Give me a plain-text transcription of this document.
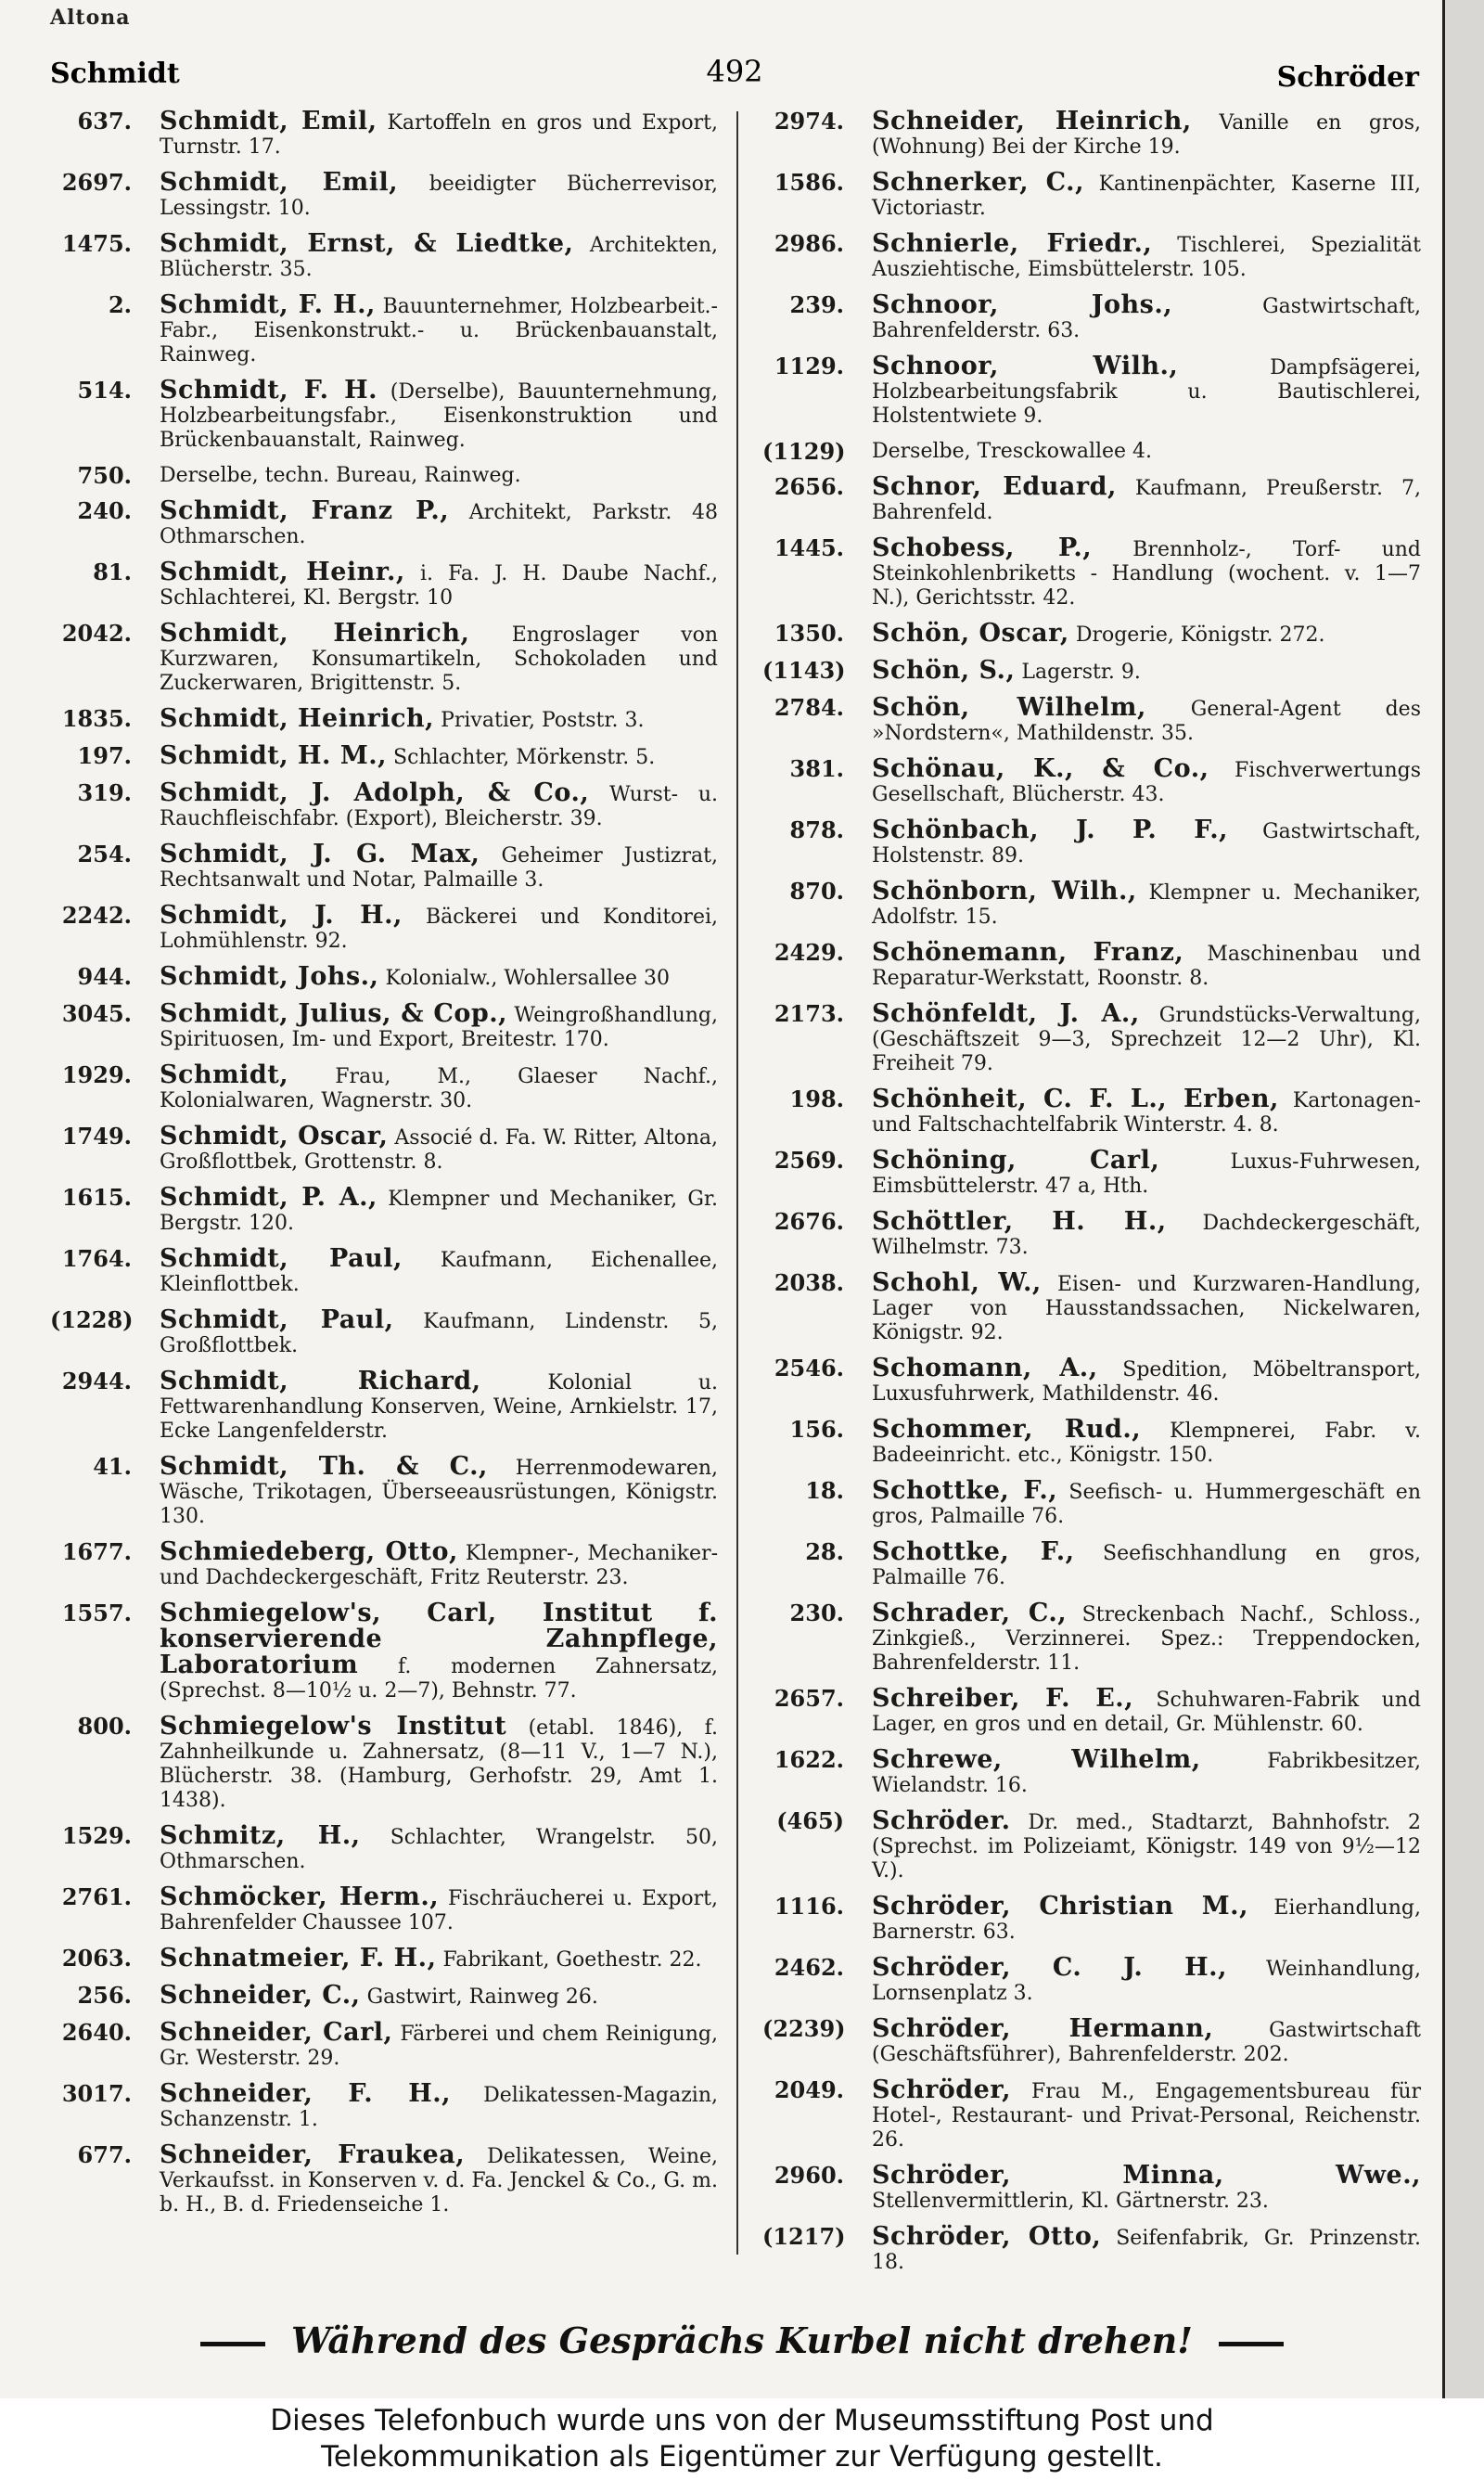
Altona
Schmidt	492	Schröder
637. Schmidt, Emil, Kartoffeln en gros und Export, Turnstr. 17.
2697. Schmidt, Emil, beeidigter Bücherrevisor, Lessingstr. 10.
1475. Schmidt, Ernst, & Liedtke, Architekten, Blücherstr. 35.
2. Schmidt, F. H., Bauunternehmer, Holzbearbeit.-Fabr., Eisenkonstrukt.- u. Brückenbauanstalt, Rainweg.
514. Schmidt, F. H. (Derselbe), Bauunternehmung, Holzbearbeitungsfabr., Eisenkonstruktion und Brückenbauanstalt, Rainweg.
750. Derselbe, techn. Bureau, Rainweg.
240. Schmidt, Franz P., Architekt, Parkstr. 48 Othmarschen.
81. Schmidt, Heinr., i. Fa. J. H. Daube Nachf., Schlachterei, Kl. Bergstr. 10
2042. Schmidt, Heinrich, Engroslager von Kurzwaren, Konsumartikeln, Schokoladen und Zuckerwaren, Brigittenstr. 5.
1835. Schmidt, Heinrich, Privatier, Poststr. 3.
197. Schmidt, H. M., Schlachter, Mörkenstr. 5.
319. Schmidt, J. Adolph, & Co., Wurst- u. Rauchfleischfabr. (Export), Bleicherstr. 39.
254. Schmidt, J. G. Max, Geheimer Justizrat, Rechtsanwalt und Notar, Palmaille 3.
2242. Schmidt, J. H., Bäckerei und Konditorei, Lohmühlenstr. 92.
944. Schmidt, Johs., Kolonialw., Wohlersallee 30
3045. Schmidt, Julius, & Cop., Weingroßhandlung, Spirituosen, Im- und Export, Breitestr. 170.
1929. Schmidt, Frau, M., Glaeser Nachf., Kolonialwaren, Wagnerstr. 30.
1749. Schmidt, Oscar, Associé d. Fa. W. Ritter, Altona, Großflottbek, Grottenstr. 8.
1615. Schmidt, P. A., Klempner und Mechaniker, Gr. Bergstr. 120.
1764. Schmidt, Paul, Kaufmann, Eichenallee, Kleinflottbek.
(1228) Schmidt, Paul, Kaufmann, Lindenstr. 5, Großflottbek.
2944. Schmidt, Richard,	Kolonial u. Fettwarenhandlung Konserven, Weine, Arnkielstr. 17, Ecke Langenfelderstr.
41. Schmidt, Th. & C., Herrenmodewaren, Wäsche, Trikotagen, Überseeausrüstungen, Königstr. 130.
1677. Schmiedeberg, Otto, Klempner-, Mechaniker- und Dachdeckergeschäft, Fritz Reuterstr. 23.
1557. Schmiegelow's, Carl, Institut f. konservierende Zahnpflege, Laboratorium f. modernen Zahnersatz, (Sprechst. 8—10½ u. 2—7), Behnstr. 77.
800. Schmiegelow's Institut (etabl. 1846), f. Zahnheilkunde u. Zahnersatz, (8—11 V., 1—7 N.), Blücherstr. 38. (Hamburg, Gerhofstr. 29, Amt 1. 1438).
1529. Schmitz, H., Schlachter, Wrangelstr. 50, Othmarschen.
2761. Schmöcker, Herm., Fischräucherei u. Export, Bahrenfelder Chaussee 107.
2063. Schnatmeier, F. H., Fabrikant, Goethestr. 22.
256. Schneider, C., Gastwirt, Rainweg 26.
2640. Schneider, Carl, Färberei und chem Reinigung, Gr. Westerstr. 29.
3017. Schneider, F. H., Delikatessen-Magazin, Schanzenstr. 1.
677. Schneider, Fraukea, Delikatessen, Weine, Verkaufsst. in Konserven v. d. Fa. Jenckel & Co., G. m. b. H., B. d. Friedenseiche 1.
2974. Schneider, Heinrich, Vanille en gros, (Wohnung) Bei der Kirche 19.
1586. Schnerker, C., Kantinenpächter, Kaserne III, Victoriastr.
2986. Schnierle, Friedr., Tischlerei, Spezialität Ausziehtische, Eimsbüttelerstr. 105.
239. Schnoor, Johs.,	Gastwirtschaft, Bahrenfelderstr. 63.
1129. Schnoor, Wilh.,	Dampfsägerei, Holzbearbeitungsfabrik u. Bautischlerei, Holstentwiete 9.
(1129) Derselbe, Tresckowallee 4.
2656. Schnor, Eduard, Kaufmann, Preußerstr. 7, Bahrenfeld.
1445. Schobess, P., Brennholz-, Torf- und Steinkohlenbriketts - Handlung (wochent. v. 1—7 N.), Gerichtsstr. 42.
1350. Schön, Oscar, Drogerie, Königstr. 272.
(1143) Schön, S., Lagerstr. 9.
2784. Schön, Wilhelm, General-Agent des »Nordstern«, Mathildenstr. 35.
381. Schönau, K., & Co., Fischverwertungs Gesellschaft, Blücherstr. 43.
878. Schönbach, J. P. F., Gastwirtschaft, Holstenstr. 89.
870. Schönborn, Wilh., Klempner u. Mechaniker, Adolfstr. 15.
2429. Schönemann, Franz, Maschinenbau und Reparatur-Werkstatt, Roonstr. 8.
2173. Schönfeldt, J. A., Grundstücks-Verwaltung, (Geschäftszeit 9—3, Sprechzeit 12—2 Uhr), Kl. Freiheit 79.
198. Schönheit, C. F. L., Erben, Kartonagen- und Faltschachtelfabrik Winterstr. 4. 8.
2569. Schöning, Carl,	Luxus-Fuhrwesen, Eimsbüttelerstr. 47 a, Hth.
2676. Schöttler, H. H., Dachdeckergeschäft, Wilhelmstr. 73.
2038. Schohl, W., Eisen- und Kurzwaren-Handlung, Lager von Hausstandssachen, Nickelwaren, Königstr. 92.
2546. Schomann, A., Spedition, Möbeltransport, Luxusfuhrwerk, Mathildenstr. 46.
156. Schommer, Rud., Klempnerei, Fabr. v. Badeeinricht. etc., Königstr. 150.
18. Schottke, F., Seefisch- u. Hummergeschäft en gros, Palmaille 76.
28. Schottke, F., Seefischhandlung en gros, Palmaille 76.
230. Schrader, C., Streckenbach Nachf., Schloss., Zinkgieß., Verzinnerei. Spez.: Treppendocken, Bahrenfelderstr. 11.
2657. Schreiber, F. E., Schuhwaren-Fabrik und Lager, en gros und en detail, Gr. Mühlenstr. 60.
1622. Schrewe, Wilhelm,	Fabrikbesitzer, Wielandstr. 16.
(465) Schröder. Dr. med., Stadtarzt, Bahnhofstr. 2 (Sprechst. im Polizeiamt, Königstr. 149 von 9½—12 V.).
1116. Schröder, Christian M., Eierhandlung, Barnerstr. 63.
2462. Schröder, C. J. H., Weinhandlung, Lornsenplatz 3.
(2239) Schröder, Hermann,	Gastwirtschaft (Geschäftsführer), Bahrenfelderstr. 202.
2049. Schröder, Frau M., Engagementsbureau für Hotel-, Restaurant- und Privat-Personal, Reichenstr. 26.
2960. Schröder, Minna, Wwe., Stellenvermittlerin, Kl. Gärtnerstr. 23.
(1217) Schröder, Otto, Seifenfabrik, Gr. Prinzenstr. 18.
Während des Gesprächs Kurbel nicht drehen!
Dieses Telefonbuch wurde uns von der Museumsstiftung Post und
Telekommunikation als Eigentümer zur Verfügung gestellt.
